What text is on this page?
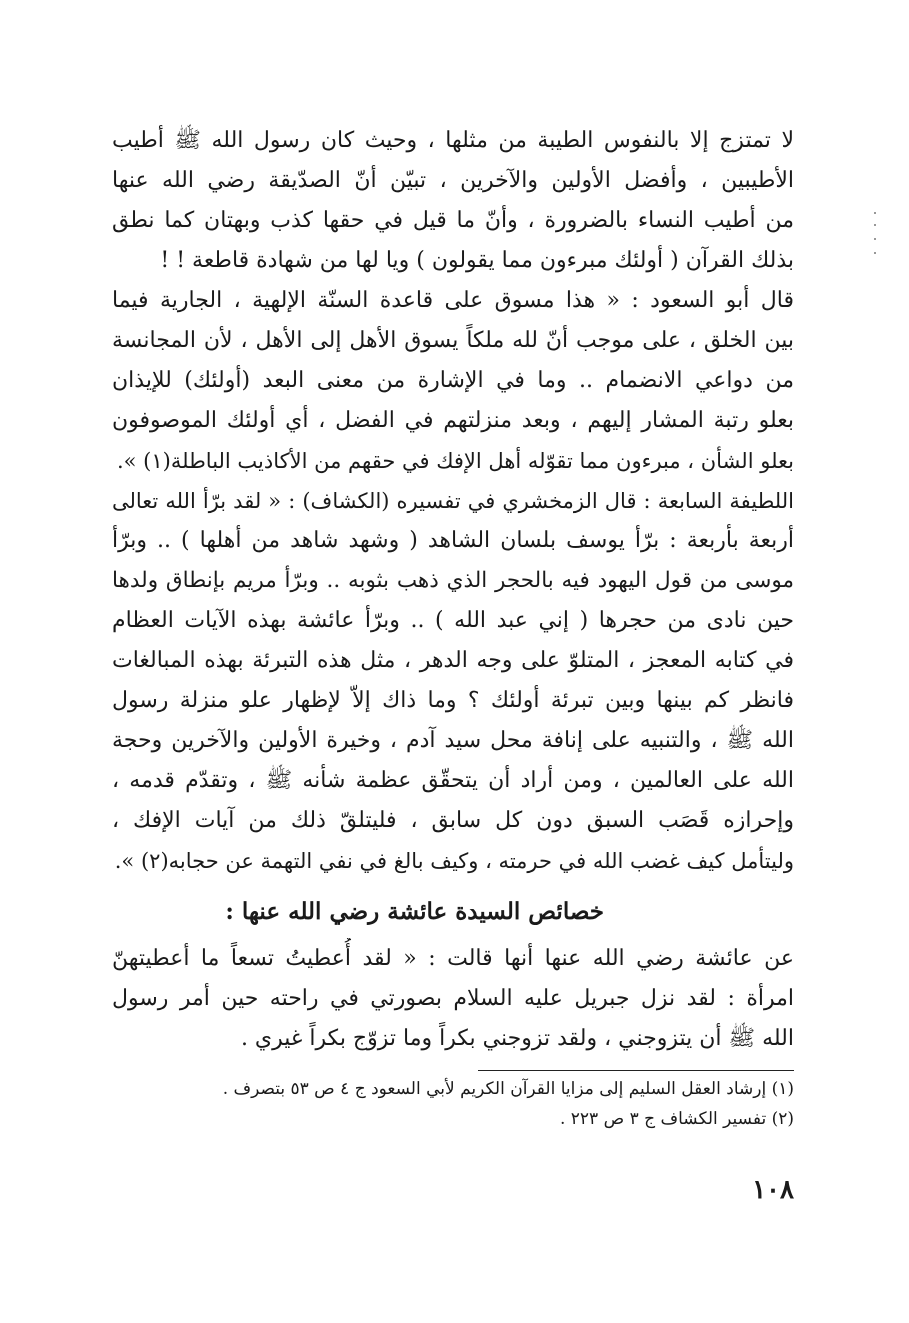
لا تمتزج إلا بالنفوس الطيبة من مثلها ، وحيث كان رسول الله ﷺ أطيب
الأطيبين ، وأفضل الأولين والآخرين ، تبيّن أنّ الصدّيقة رضي الله عنها
من أطيب النساء بالضرورة ، وأنّ ما قيل في حقها كذب وبهتان كما نطق
بذلك القرآن ( أولئك مبرءون مما يقولون ) ويا لها من شهادة قاطعة ! !
قال أبو السعود : « هذا مسوق على قاعدة السنّة الإلهية ، الجارية فيما
بين الخلق ، على موجب أنّ لله ملكاً يسوق الأهل إلى الأهل ، لأن المجانسة
من دواعي الانضمام .. وما في الإشارة من معنى البعد (أولئك) للإيذان
بعلو رتبة المشار إليهم ، وبعد منزلتهم في الفضل ، أي أولئك الموصوفون
بعلو الشأن ، مبرءون مما تقوّله أهل الإفك في حقهم من الأكاذيب الباطلة(١) ».
اللطيفة السابعة : قال الزمخشري في تفسيره (الكشاف) : « لقد برّأ الله تعالى
أربعة بأربعة : برّأ يوسف بلسان الشاهد ( وشهد شاهد من أهلها ) .. وبرّأ
موسى من قول اليهود فيه بالحجر الذي ذهب بثوبه .. وبرّأ مريم بإنطاق ولدها
حين نادى من حجرها ( إني عبد الله ) .. وبرّأ عائشة بهذه الآيات العظام
في كتابه المعجز ، المتلوّ على وجه الدهر ، مثل هذه التبرئة بهذه المبالغات
فانظر كم بينها وبين تبرئة أولئك ؟ وما ذاك إلاّ لإظهار علو منزلة رسول
الله ﷺ ، والتنبيه على إنافة محل سيد آدم ، وخيرة الأولين والآخرين وحجة
الله على العالمين ، ومن أراد أن يتحقّق عظمة شأنه ﷺ ، وتقدّم قدمه ،
وإحرازه قَصَب السبق دون كل سابق ، فليتلقّ ذلك من آيات الإفك ،
وليتأمل كيف غضب الله في حرمته ، وكيف بالغ في نفي التهمة عن حجابه(٢) ».
خصائص السيدة عائشة رضي الله عنها :
عن عائشة رضي الله عنها أنها قالت : « لقد أُعطيتُ تسعاً ما أعطيتهنّ
امرأة : لقد نزل جبريل عليه السلام بصورتي في راحته حين أمر رسول
الله ﷺ أن يتزوجني ، ولقد تزوجني بكراً وما تزوّج بكراً غيري .
(١) إرشاد العقل السليم إلى مزايا القرآن الكريم لأبي السعود ج ٤ ص ٥٣ بتصرف .
(٢) تفسير الكشاف ج ٣ ص ٢٢٣ .
١٠٨
